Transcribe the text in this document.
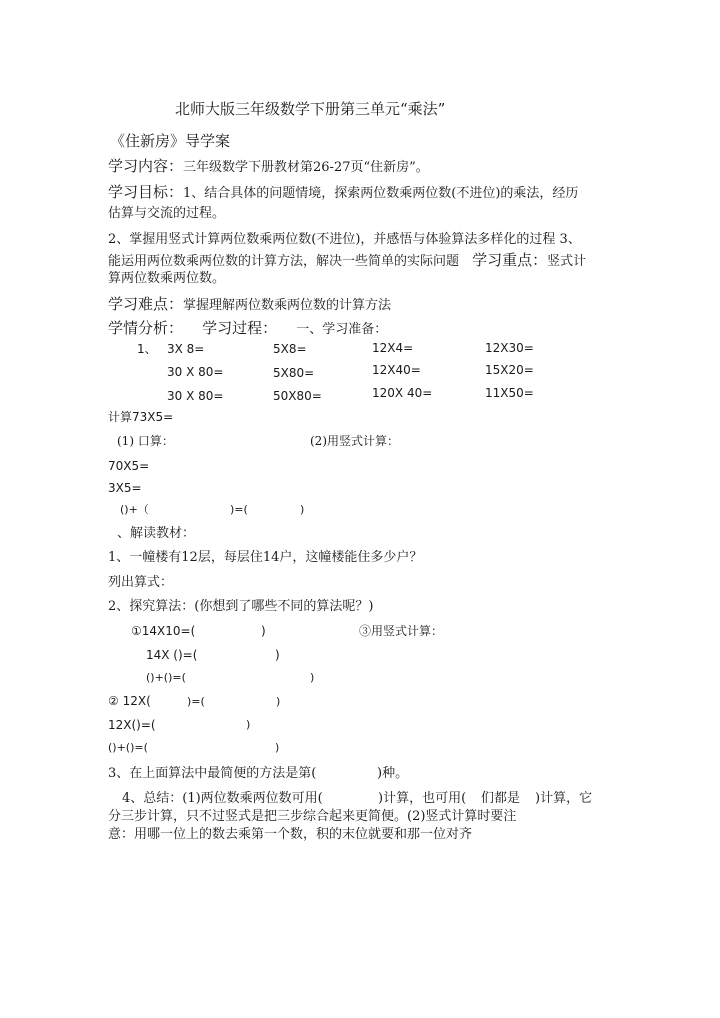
北师大版三年级数学下册第三单元“乘法”
《住新房》导学案
学习内容：三年级数学下册教材第26-27页“住新房”。
学习目标：1、结合具体的问题情境，探索两位数乘两位数(不进位)的乘法，经历
估算与交流的过程。
2、掌握用竖式计算两位数乘两位数(不进位)，并感悟与体验算法多样化的过程 3、
能运用两位数乘两位数的计算方法，解决一些简单的实际问题 学习重点：竖式计
算两位数乘两位数。
学习难点：掌握理解两位数乘两位数的计算方法
学情分析： 学习过程： 一、学习准备：
1、 3X 8=	5X8=	12X4=	12X30=
30 X 80=	5X80=	12X40=	15X20=
30 X 80=	50X80=	120X 40=	11X50=
计算73X5=
(1) 口算：	(2)用竖式计算：
70X5=
3X5=
()+（	)=(	)
、解读教材：
1、一幢楼有12层，每层住14户，这幢楼能住多少户？
列出算式：
2、探究算法：(你想到了哪些不同的算法呢？)
①14X10=(	)	③用竖式计算：
14X ()=(	)
()+()=(	)
② 12X(	)=(	)
12X()=(	)
()+()=(	)
3、在上面算法中最简便的方法是第(	)种。
4、总结：(1)两位数乘两位数可用(	)计算，也可用( 们都是 )计算，它
分三步计算，只不过竖式是把三步综合起来更简便。(2)竖式计算时要注
意：用哪一位上的数去乘第一个数，积的末位就要和那一位对齐
